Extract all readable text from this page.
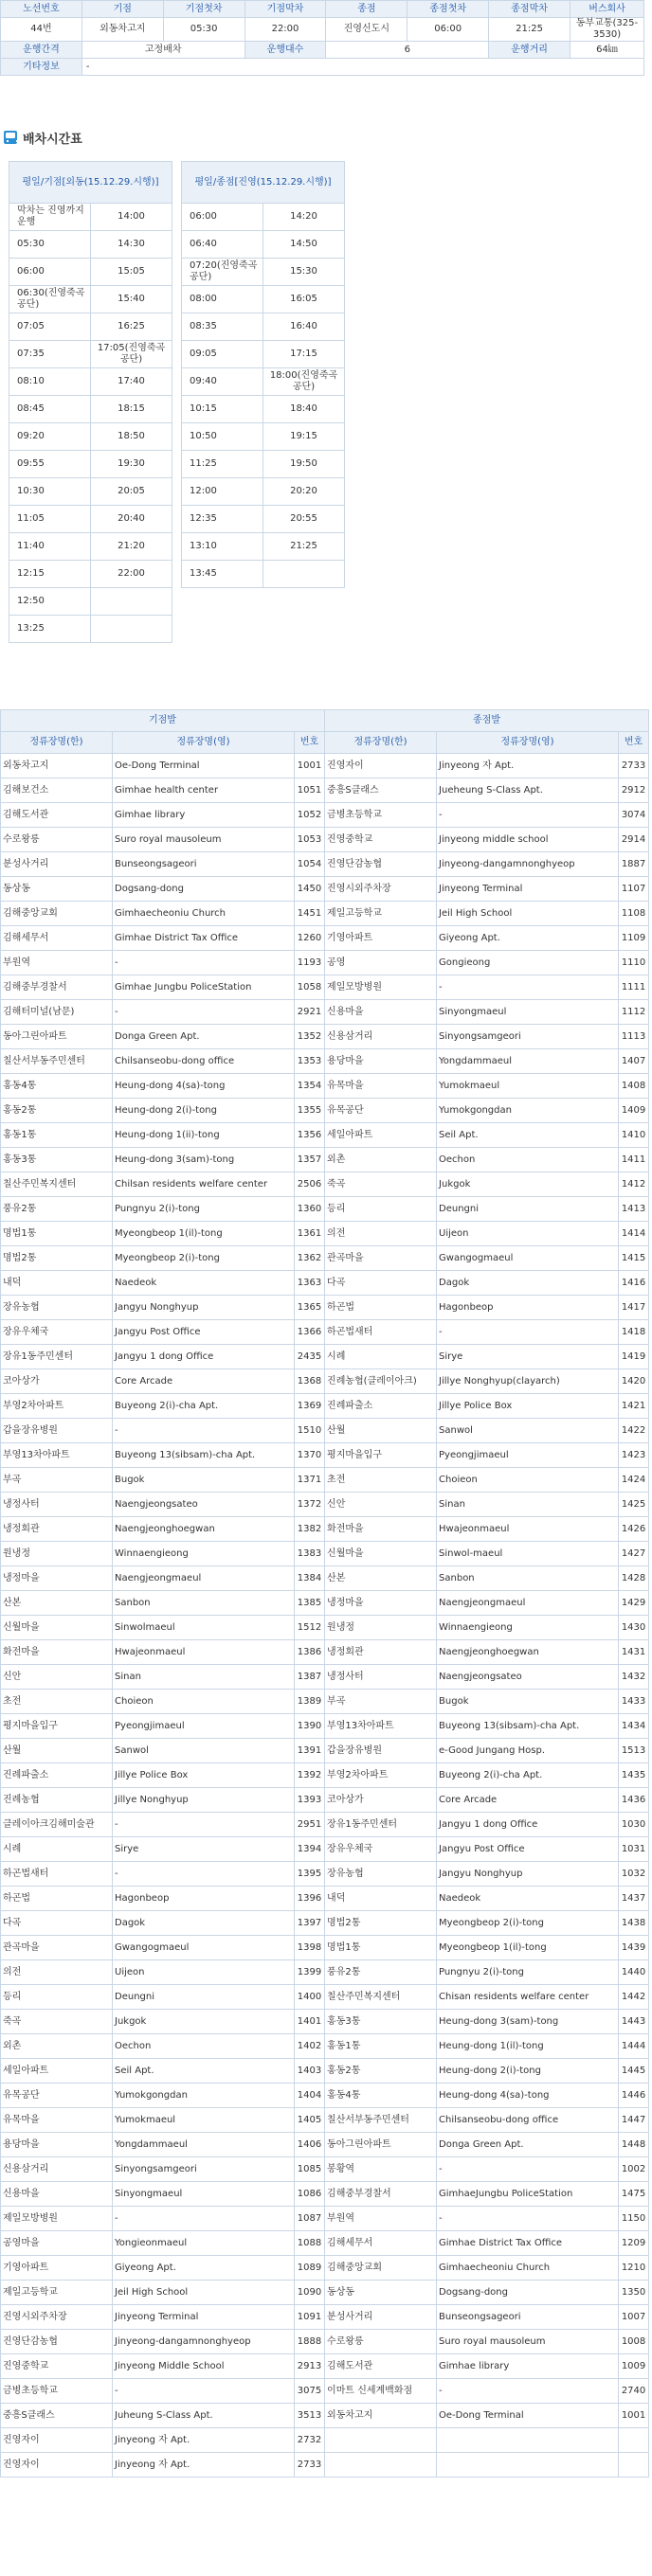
노선번호	기점	기점첫차	기점막차	종점	종점첫차	종점막차	버스회사
44번	외동차고지	05:30	22:00	진영신도시	06:00	21:25	동부교통(325-3530)
운행간격	고정배차		운행대수	6		운행거리	64㎞
기타정보	-						
배차시간표
평일/기점[외동(15.12.29.시행)]	
막차는 진영까지 운행	14:00
05:30	14:30
06:00	15:05
06:30(진영죽곡공단)	15:40
07:05	16:25
07:35	17:05(진영죽곡공단)
08:10	17:40
08:45	18:15
09:20	18:50
09:55	19:30
10:30	20:05
11:05	20:40
11:40	21:20
12:15	22:00
12:50	
13:25	
평일/종점[진영(15.12.29.시행)]	
06:00	14:20
06:40	14:50
07:20(진영죽곡공단)	15:30
08:00	16:05
08:35	16:40
09:05	17:15
09:40	18:00(진영죽곡공단)
10:15	18:40
10:50	19:15
11:25	19:50
12:00	20:20
12:35	20:55
13:10	21:25
13:45	
기점발			종점발		
정류장명(한)	정류장명(영)	번호	정류장명(한)	정류장명(영)	번호
외동차고지	Oe-Dong Terminal	1001	진영자이	Jinyeong 자 Apt.	2733
김해보건소	Gimhae health center	1051	중흥S클래스	Jueheung S-Class Apt.	2912
김해도서관	Gimhae library	1052	금병초등학교	-	3074
수로왕릉	Suro royal mausoleum	1053	진영중학교	Jinyeong middle school	2914
분성사거리	Bunseongsageori	1054	진영단감농협	Jinyeong-dangamnonghyeop	1887
동상동	Dogsang-dong	1450	진영시외주차장	Jinyeong Terminal	1107
김해중앙교회	Gimhaecheoniu Church	1451	제일고등학교	Jeil High School	1108
김해세무서	Gimhae District Tax Office	1260	기영아파트	Giyeong Apt.	1109
부원역	-	1193	공영	Gongieong	1110
김해중부경찰서	Gimhae Jungbu PoliceStation	1058	제일모방병원	-	1111
김해터미널(남문)	-	2921	신용마을	Sinyongmaeul	1112
동아그린아파트	Donga Green Apt.	1352	신용삼거리	Sinyongsamgeori	1113
칠산서부동주민센터	Chilsanseobu-dong office	1353	용당마을	Yongdammaeul	1407
홍동4통	Heung-dong 4(sa)-tong	1354	유목마을	Yumokmaeul	1408
홍동2통	Heung-dong 2(i)-tong	1355	유목공단	Yumokgongdan	1409
홍동1통	Heung-dong 1(ii)-tong	1356	세일아파트	Seil Apt.	1410
홍동3통	Heung-dong 3(sam)-tong	1357	외촌	Oechon	1411
칠산주민복지센터	Chilsan residents welfare center	2506	죽곡	Jukgok	1412
풍유2통	Pungnyu 2(i)-tong	1360	등리	Deungni	1413
명법1통	Myeongbeop 1(il)-tong	1361	의전	Uijeon	1414
명법2통	Myeongbeop 2(i)-tong	1362	관곡마을	Gwangogmaeul	1415
내덕	Naedeok	1363	다곡	Dagok	1416
장유농협	Jangyu Nonghyup	1365	하곤법	Hagonbeop	1417
장유우체국	Jangyu Post Office	1366	하곤법새터	-	1418
장유1동주민센터	Jangyu 1 dong Office	2435	시례	Sirye	1419
코아상가	Core Arcade	1368	진례농협(클레이아크)	Jillye Nonghyup(clayarch)	1420
부영2차아파트	Buyeong 2(i)-cha Apt.	1369	진례파출소	Jillye Police Box	1421
갑을장유병원	-	1510	산월	Sanwol	1422
부영13차아파트	Buyeong 13(sibsam)-cha Apt.	1370	평지마을입구	Pyeongjimaeul	1423
부곡	Bugok	1371	초전	Choieon	1424
냉정사터	Naengjeongsateo	1372	신안	Sinan	1425
냉정회관	Naengjeonghoegwan	1382	화전마을	Hwajeonmaeul	1426
원냉정	Winnaengieong	1383	신월마을	Sinwol-maeul	1427
냉정마을	Naengjeongmaeul	1384	산본	Sanbon	1428
산본	Sanbon	1385	냉정마을	Naengjeongmaeul	1429
신월마을	Sinwolmaeul	1512	원냉정	Winnaengieong	1430
화전마을	Hwajeonmaeul	1386	냉정회관	Naengjeonghoegwan	1431
신안	Sinan	1387	냉정사터	Naengjeongsateo	1432
초전	Choieon	1389	부곡	Bugok	1433
평지마을입구	Pyeongjimaeul	1390	부영13차아파트	Buyeong 13(sibsam)-cha Apt.	1434
산월	Sanwol	1391	갑을장유병원	e-Good Jungang Hosp.	1513
진례파출소	Jillye Police Box	1392	부영2차아파트	Buyeong 2(i)-cha Apt.	1435
진례농협	Jillye Nonghyup	1393	코아상가	Core Arcade	1436
클레이아크김해미술관	-	2951	장유1동주민센터	Jangyu 1 dong Office	1030
시례	Sirye	1394	장유우체국	Jangyu Post Office	1031
하곤법새터	-	1395	장유농협	Jangyu Nonghyup	1032
하곤법	Hagonbeop	1396	내덕	Naedeok	1437
다곡	Dagok	1397	명법2통	Myeongbeop 2(i)-tong	1438
관곡마을	Gwangogmaeul	1398	명법1통	Myeongbeop 1(il)-tong	1439
의전	Uijeon	1399	풍유2통	Pungnyu 2(i)-tong	1440
등리	Deungni	1400	칠산주민복지센터	Chisan residents welfare center	1442
죽곡	Jukgok	1401	홍동3통	Heung-dong 3(sam)-tong	1443
외촌	Oechon	1402	홍동1통	Heung-dong 1(il)-tong	1444
세일아파트	Seil Apt.	1403	홍동2통	Heung-dong 2(i)-tong	1445
유목공단	Yumokgongdan	1404	홍동4통	Heung-dong 4(sa)-tong	1446
유목마을	Yumokmaeul	1405	칠산서부동주민센터	Chilsanseobu-dong office	1447
용당마을	Yongdammaeul	1406	동아그린아파트	Donga Green Apt.	1448
신용삼거리	Sinyongsamgeori	1085	봉황역	-	1002
신용마을	Sinyongmaeul	1086	김해중부경찰서	GimhaeJungbu PoliceStation	1475
제일모방병원	-	1087	부원역	-	1150
공영마을	Yongieonmaeul	1088	김해세무서	Gimhae District Tax Office	1209
기영아파트	Giyeong Apt.	1089	김해중앙교회	Gimhaecheoniu Church	1210
제일고등학교	Jeil High School	1090	동상동	Dogsang-dong	1350
진영시외주차장	Jinyeong Terminal	1091	분성사거리	Bunseongsageori	1007
진영단감농협	Jinyeong-dangamnonghyeop	1888	수로왕릉	Suro royal mausoleum	1008
진영중학교	Jinyeong Middle School	2913	김해도서관	Gimhae library	1009
금병초등학교	-	3075	이마트 신세계백화점	-	2740
중흥S클래스	Juheung S-Class Apt.	3513	외동차고지	Oe-Dong Terminal	1001
진영자이	Jinyeong 자 Apt.	2732			
진영자이	Jinyeong 자 Apt.	2733			
